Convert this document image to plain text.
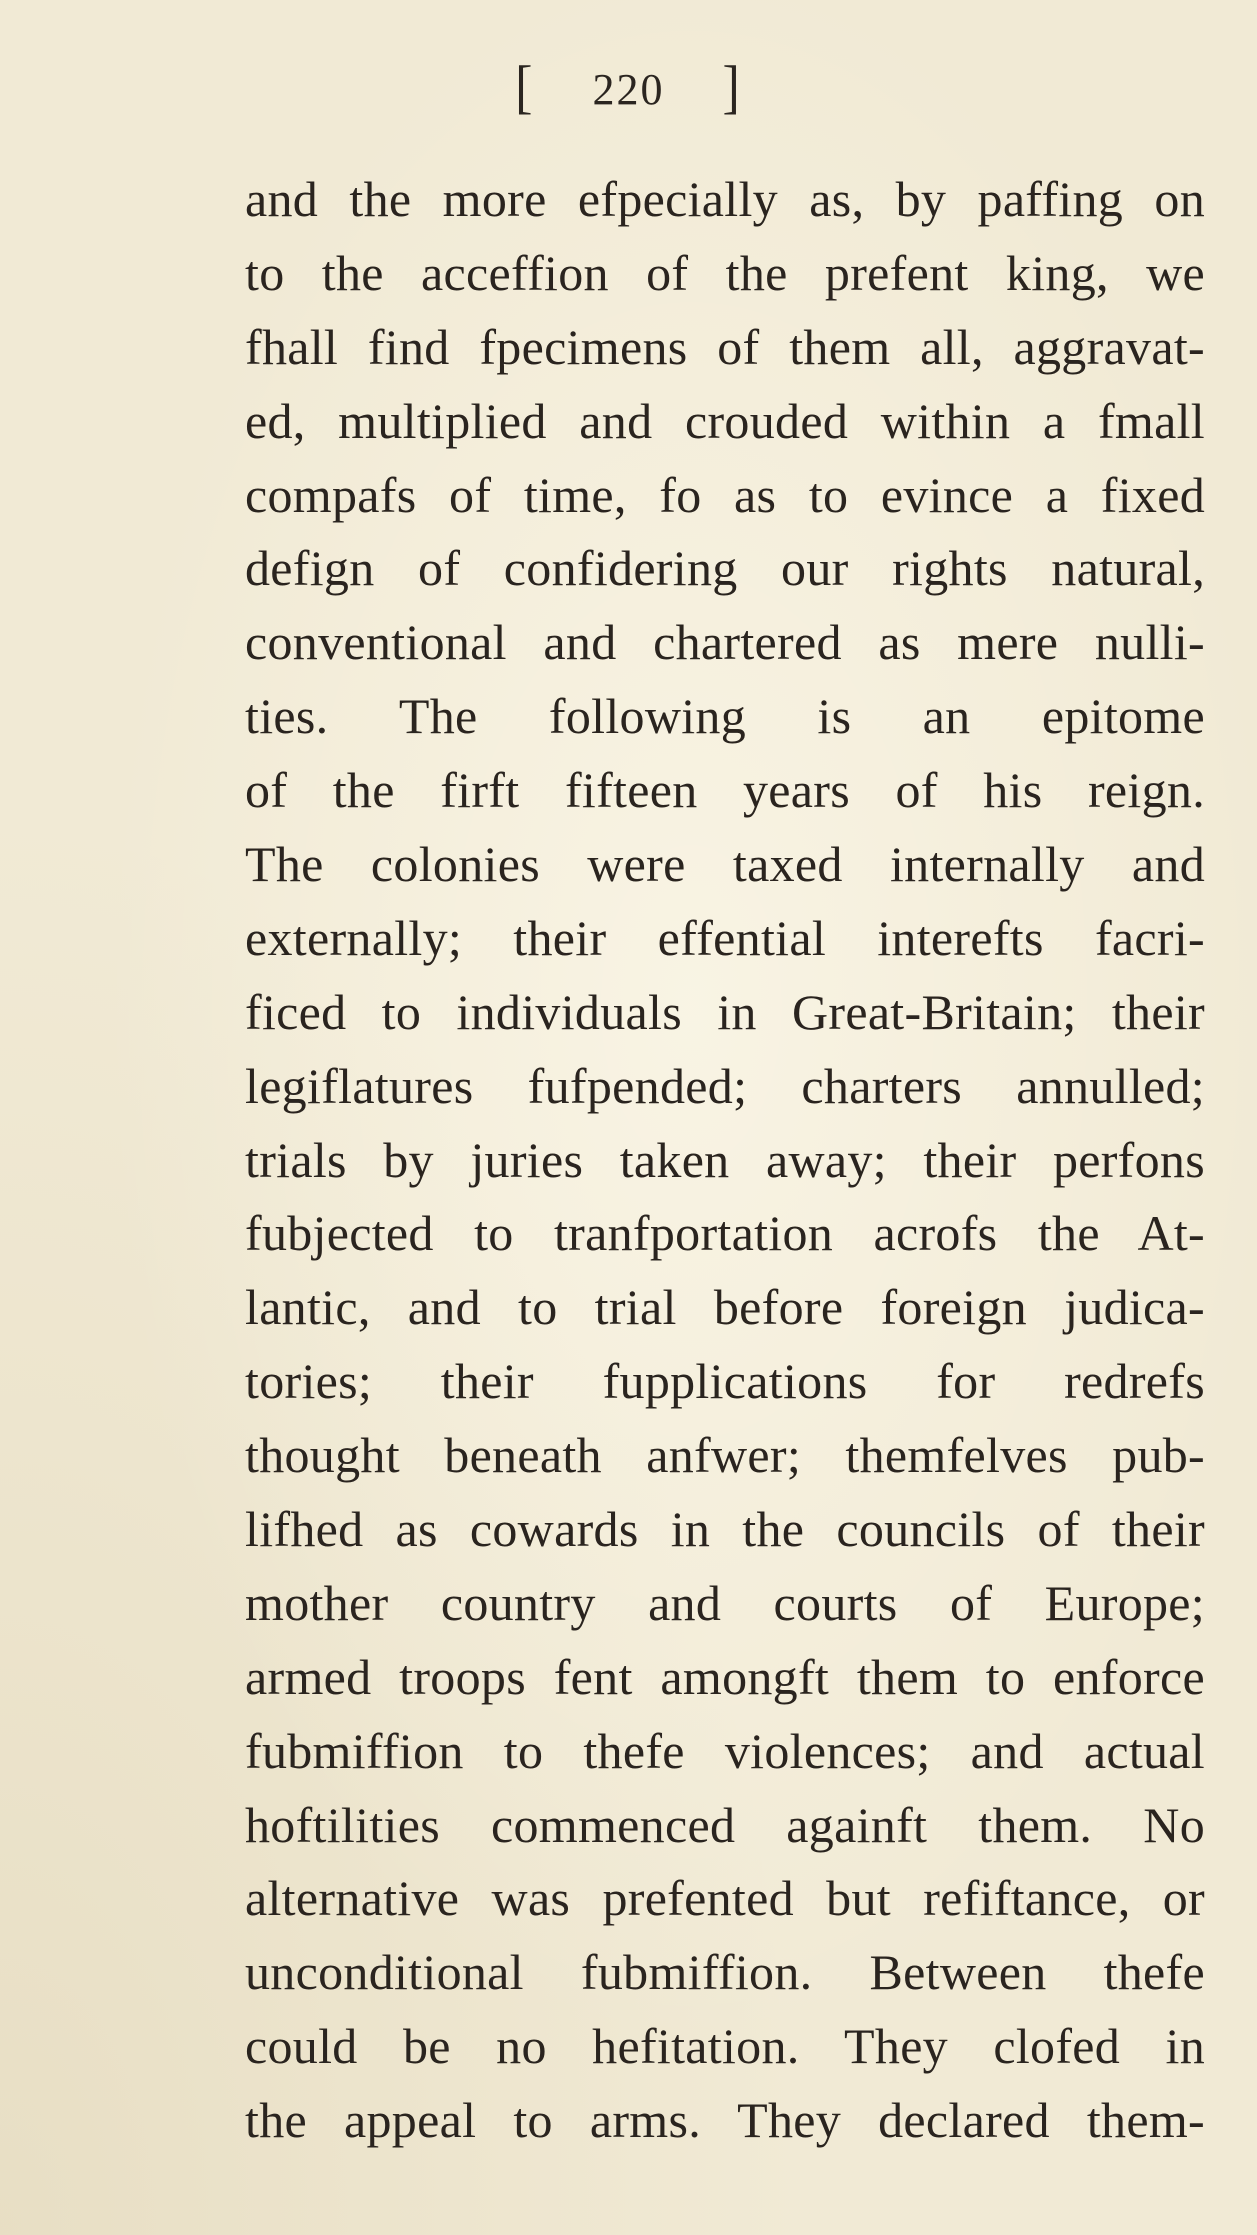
[ 220 ]
and the more efpecially as, by paffing on
to the acceffion of the prefent king, we
fhall find fpecimens of them all, aggravat-
ed, multiplied and crouded within a fmall
compafs of time, fo as to evince a fixed
defign of confidering our rights natural,
conventional and chartered as mere nulli-
ties. The following is an epitome
of the firft fifteen years of his reign.
The colonies were taxed internally and
externally; their effential interefts facri-
ficed to individuals in Great-Britain; their
legiflatures fufpended; charters annulled;
trials by juries taken away; their perfons
fubjected to tranfportation acrofs the At-
lantic, and to trial before foreign judica-
tories; their fupplications for redrefs
thought beneath anfwer; themfelves pub-
lifhed as cowards in the councils of their
mother country and courts of Europe;
armed troops fent amongft them to enforce
fubmiffion to thefe violences; and actual
hoftilities commenced againft them. No
alternative was prefented but refiftance, or
unconditional fubmiffion. Between thefe
could be no hefitation. They clofed in
the appeal to arms. They declared them-
